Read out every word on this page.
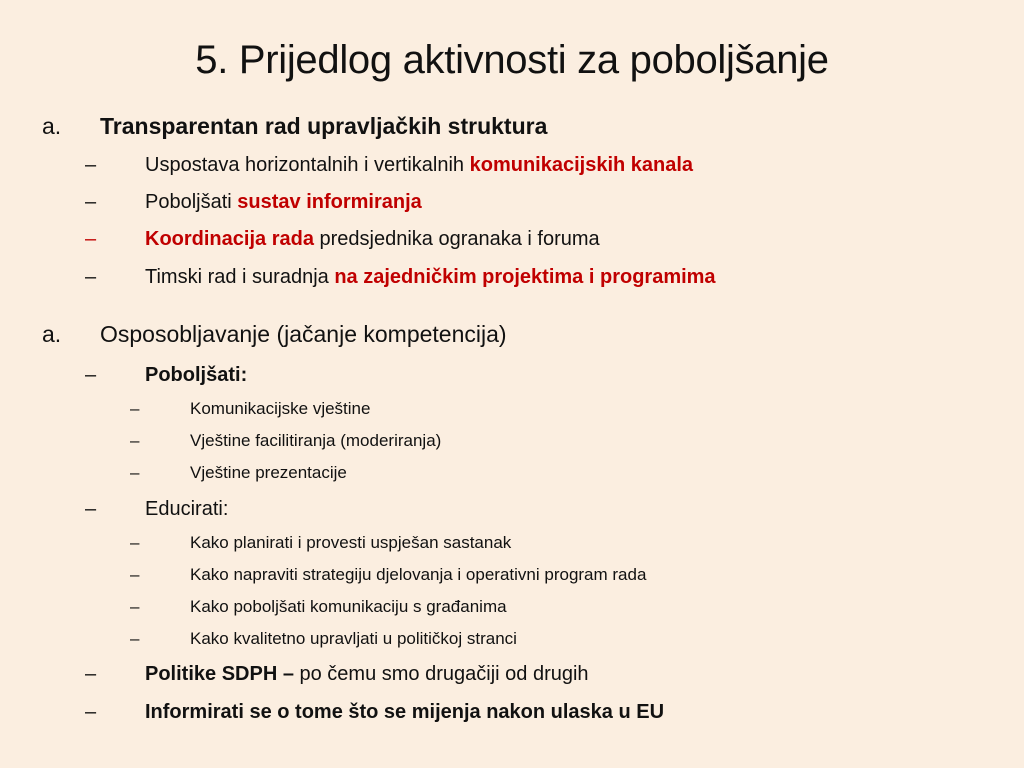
5. Prijedlog aktivnosti za poboljšanje
a. Transparentan rad upravljačkih struktura
– Uspostava horizontalnih i vertikalnih komunikacijskih kanala
– Poboljšati sustav informiranja
– Koordinacija rada predsjednika ogranaka i foruma
– Timski rad i suradnja na zajedničkim projektima i programima
a. Osposobljavanje (jačanje kompetencija)
– Poboljšati:
–	Komunikacijske vještine
–	Vještine facilitiranja (moderiranja)
–	Vještine prezentacije
– Educirati:
–	Kako planirati i provesti uspješan sastanak
–	Kako napraviti strategiju djelovanja i operativni program rada
–	Kako poboljšati komunikaciju s građanima
–	Kako kvalitetno upravljati u političkoj stranci
– Politike SDPH – po čemu smo drugačiji od drugih
– Informirati se o tome što se mijenja nakon ulaska u EU
